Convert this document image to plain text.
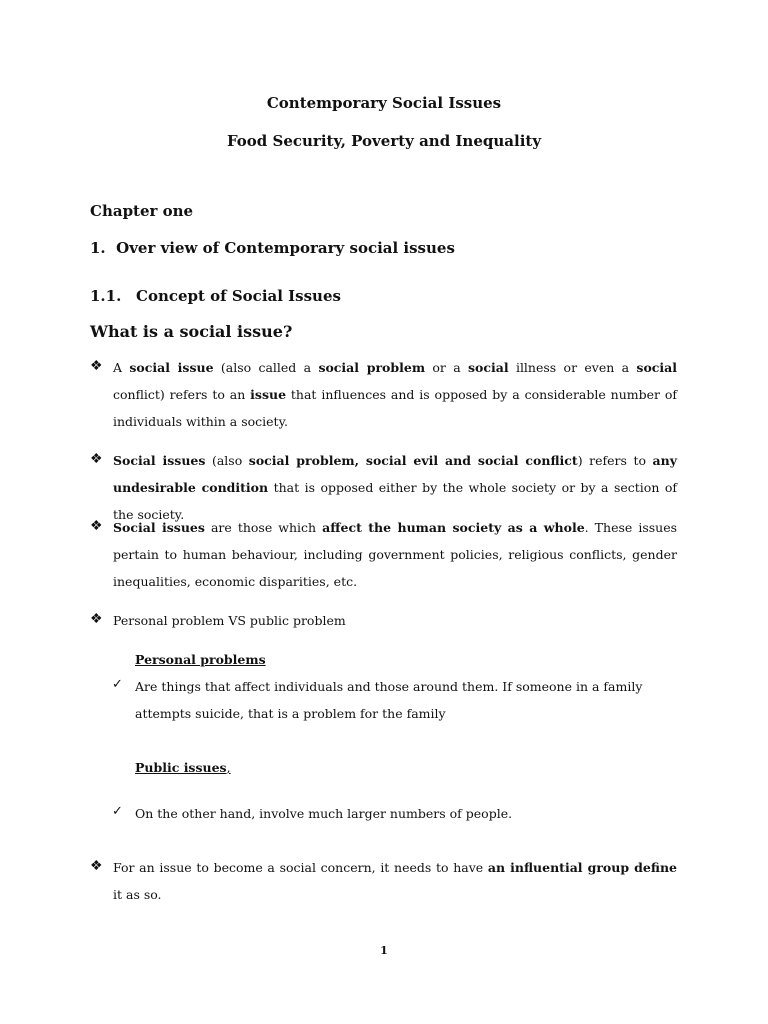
Contemporary Social Issues
Food Security, Poverty and Inequality
Chapter one
1. Over view of Contemporary social issues
1.1. Concept of Social Issues
What is a social issue?
❖ A social issue (also called a social problem or a social illness or even a social conflict) refers to an issue that influences and is opposed by a considerable number of individuals within a society.
❖ Social issues (also social problem, social evil and social conflict) refers to any undesirable condition that is opposed either by the whole society or by a section of the society.
❖ Social issues are those which affect the human society as a whole. These issues pertain to human behaviour, including government policies, religious conflicts, gender inequalities, economic disparities, etc.
❖ Personal problem VS public problem
Personal problems
✓ Are things that affect individuals and those around them. If someone in a family attempts suicide, that is a problem for the family
Public issues,
✓ On the other hand, involve much larger numbers of people.
❖ For an issue to become a social concern, it needs to have an influential group define it as so.
1
